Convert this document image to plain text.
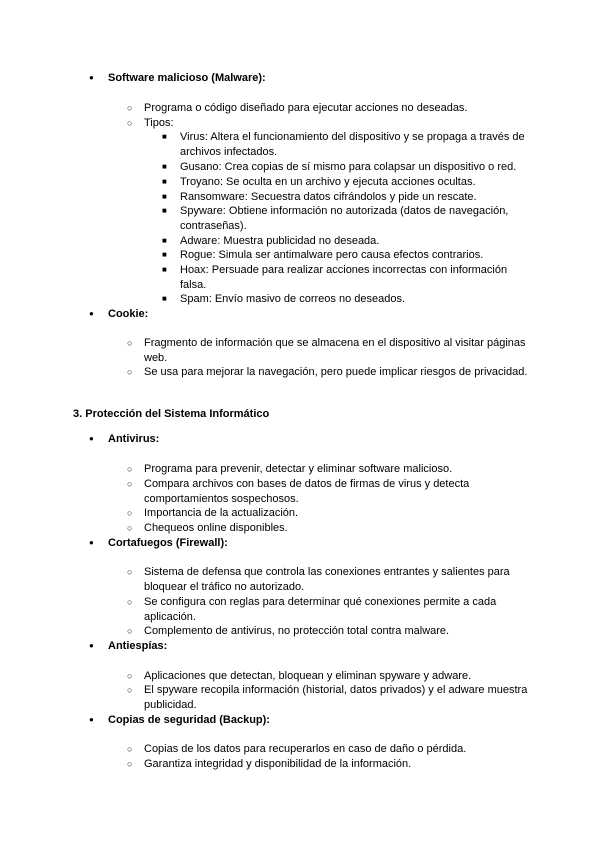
● Software malicioso (Malware):
○ Programa o código diseñado para ejecutar acciones no deseadas.
○ Tipos:
■ Virus: Altera el funcionamiento del dispositivo y se propaga a través de archivos infectados.
■ Gusano: Crea copias de sí mismo para colapsar un dispositivo o red.
■ Troyano: Se oculta en un archivo y ejecuta acciones ocultas.
■ Ransomware: Secuestra datos cifrándolos y pide un rescate.
■ Spyware: Obtiene información no autorizada (datos de navegación, contraseñas).
■ Adware: Muestra publicidad no deseada.
■ Rogue: Simula ser antimalware pero causa efectos contrarios.
■ Hoax: Persuade para realizar acciones incorrectas con información falsa.
■ Spam: Envío masivo de correos no deseados.
● Cookie:
○ Fragmento de información que se almacena en el dispositivo al visitar páginas web.
○ Se usa para mejorar la navegación, pero puede implicar riesgos de privacidad.
3. Protección del Sistema Informático
● Antivirus:
○ Programa para prevenir, detectar y eliminar software malicioso.
○ Compara archivos con bases de datos de firmas de virus y detecta comportamientos sospechosos.
○ Importancia de la actualización.
○ Chequeos online disponibles.
● Cortafuegos (Firewall):
○ Sistema de defensa que controla las conexiones entrantes y salientes para bloquear el tráfico no autorizado.
○ Se configura con reglas para determinar qué conexiones permite a cada aplicación.
○ Complemento de antivirus, no protección total contra malware.
● Antiespías:
○ Aplicaciones que detectan, bloquean y eliminan spyware y adware.
○ El spyware recopila información (historial, datos privados) y el adware muestra publicidad.
● Copias de seguridad (Backup):
○ Copias de los datos para recuperarlos en caso de daño o pérdida.
○ Garantiza integridad y disponibilidad de la información.
